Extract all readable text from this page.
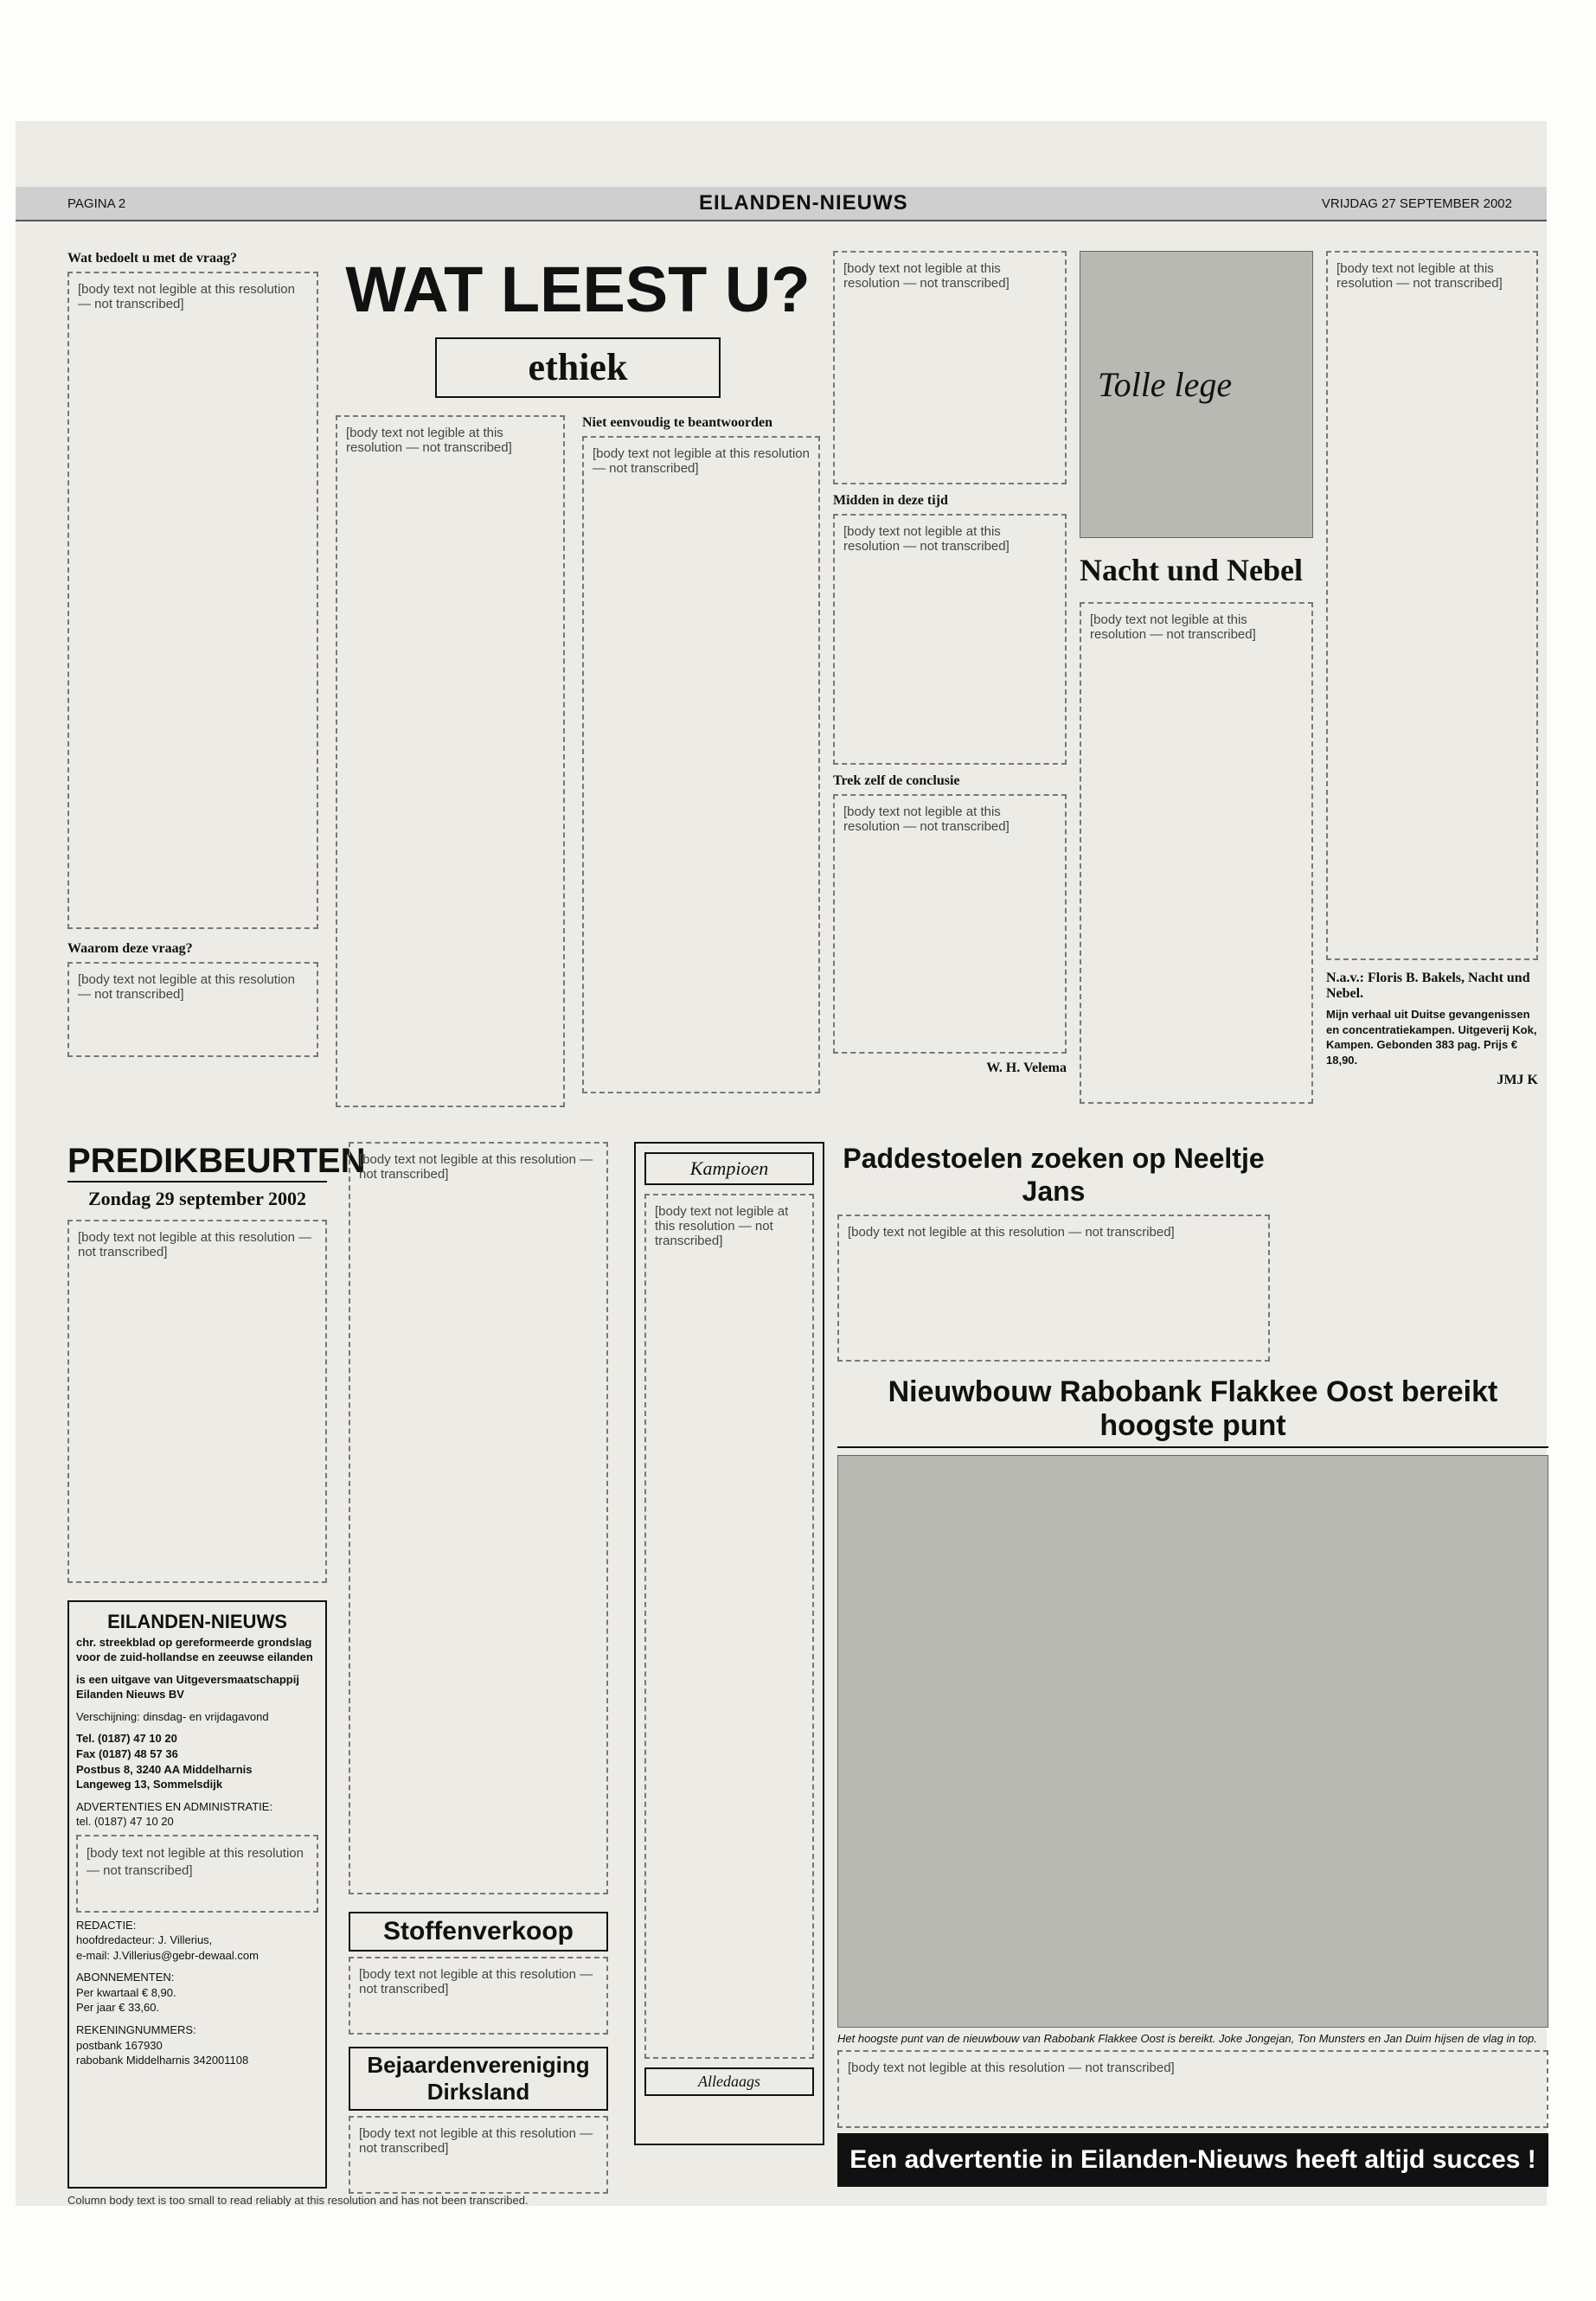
PAGINA 2	EILANDEN-NIEUWS	VRIJDAG 27 SEPTEMBER 2002

Wat bedoelt u met de vraag?

[body text not legible at this resolution — not transcribed]

Waarom deze vraag?

[body text not legible at this resolution — not transcribed]
WAT LEEST U?
ethiek
[body text not legible at this resolution — not transcribed]

Niet eenvoudig te beantwoorden

[body text not legible at this resolution — not transcribed]
[body text not legible at this resolution — not transcribed]

Midden in deze tijd

[body text not legible at this resolution — not transcribed]

Trek zelf de conclusie

[body text not legible at this resolution — not transcribed]

W. H. Velema

Tolle lege
Nacht und Nebel
[body text not legible at this resolution — not transcribed]
[body text not legible at this resolution — not transcribed]

N.a.v.: Floris B. Bakels, Nacht und Nebel.

Mijn verhaal uit Duitse gevangenissen en concentratiekampen. Uitgeverij Kok, Kampen. Gebonden 383 pag. Prijs € 18,90.

JMJ K

PREDIKBEURTEN
Zondag 29 september 2002
[body text not legible at this resolution — not transcribed]
[body text not legible at this resolution — not transcribed]
EILANDEN-NIEUWS
chr. streekblad op gereformeerde grondslag voor de zuid-hollandse en zeeuwse eilanden
is een uitgave van Uitgeversmaatschappij Eilanden Nieuws BV
Verschijning: dinsdag- en vrijdagavond
Tel. (0187) 47 10 20
Fax (0187) 48 57 36
Postbus 8, 3240 AA Middelharnis
Langeweg 13, Sommelsdijk
ADVERTENTIES EN ADMINISTRATIE:
tel. (0187) 47 10 20
[body text not legible at this resolution — not transcribed]
REDACTIE:
hoofdredacteur: J. Villerius,
e-mail: J.Villerius@gebr-dewaal.com
ABONNEMENTEN:
Per kwartaal € 8,90.
Per jaar € 33,60.
REKENINGNUMMERS:
postbank 167930
rabobank Middelharnis 342001108
Stoffenverkoop
[body text not legible at this resolution — not transcribed]
Bejaardenvereniging Dirksland
[body text not legible at this resolution — not transcribed]
Kampioen
[body text not legible at this resolution — not transcribed]
Alledaags
Paddestoelen zoeken op Neeltje Jans
[body text not legible at this resolution — not transcribed]
Nieuwbouw Rabobank Flakkee Oost bereikt hoogste punt

Het hoogste punt van de nieuwbouw van Rabobank Flakkee Oost is bereikt. Joke Jongejan, Ton Munsters en Jan Duim hijsen de vlag in top.

[body text not legible at this resolution — not transcribed]
Een advertentie in Eilanden-Nieuws heeft altijd succes !

Column body text is too small to read reliably at this resolution and has not been transcribed.
